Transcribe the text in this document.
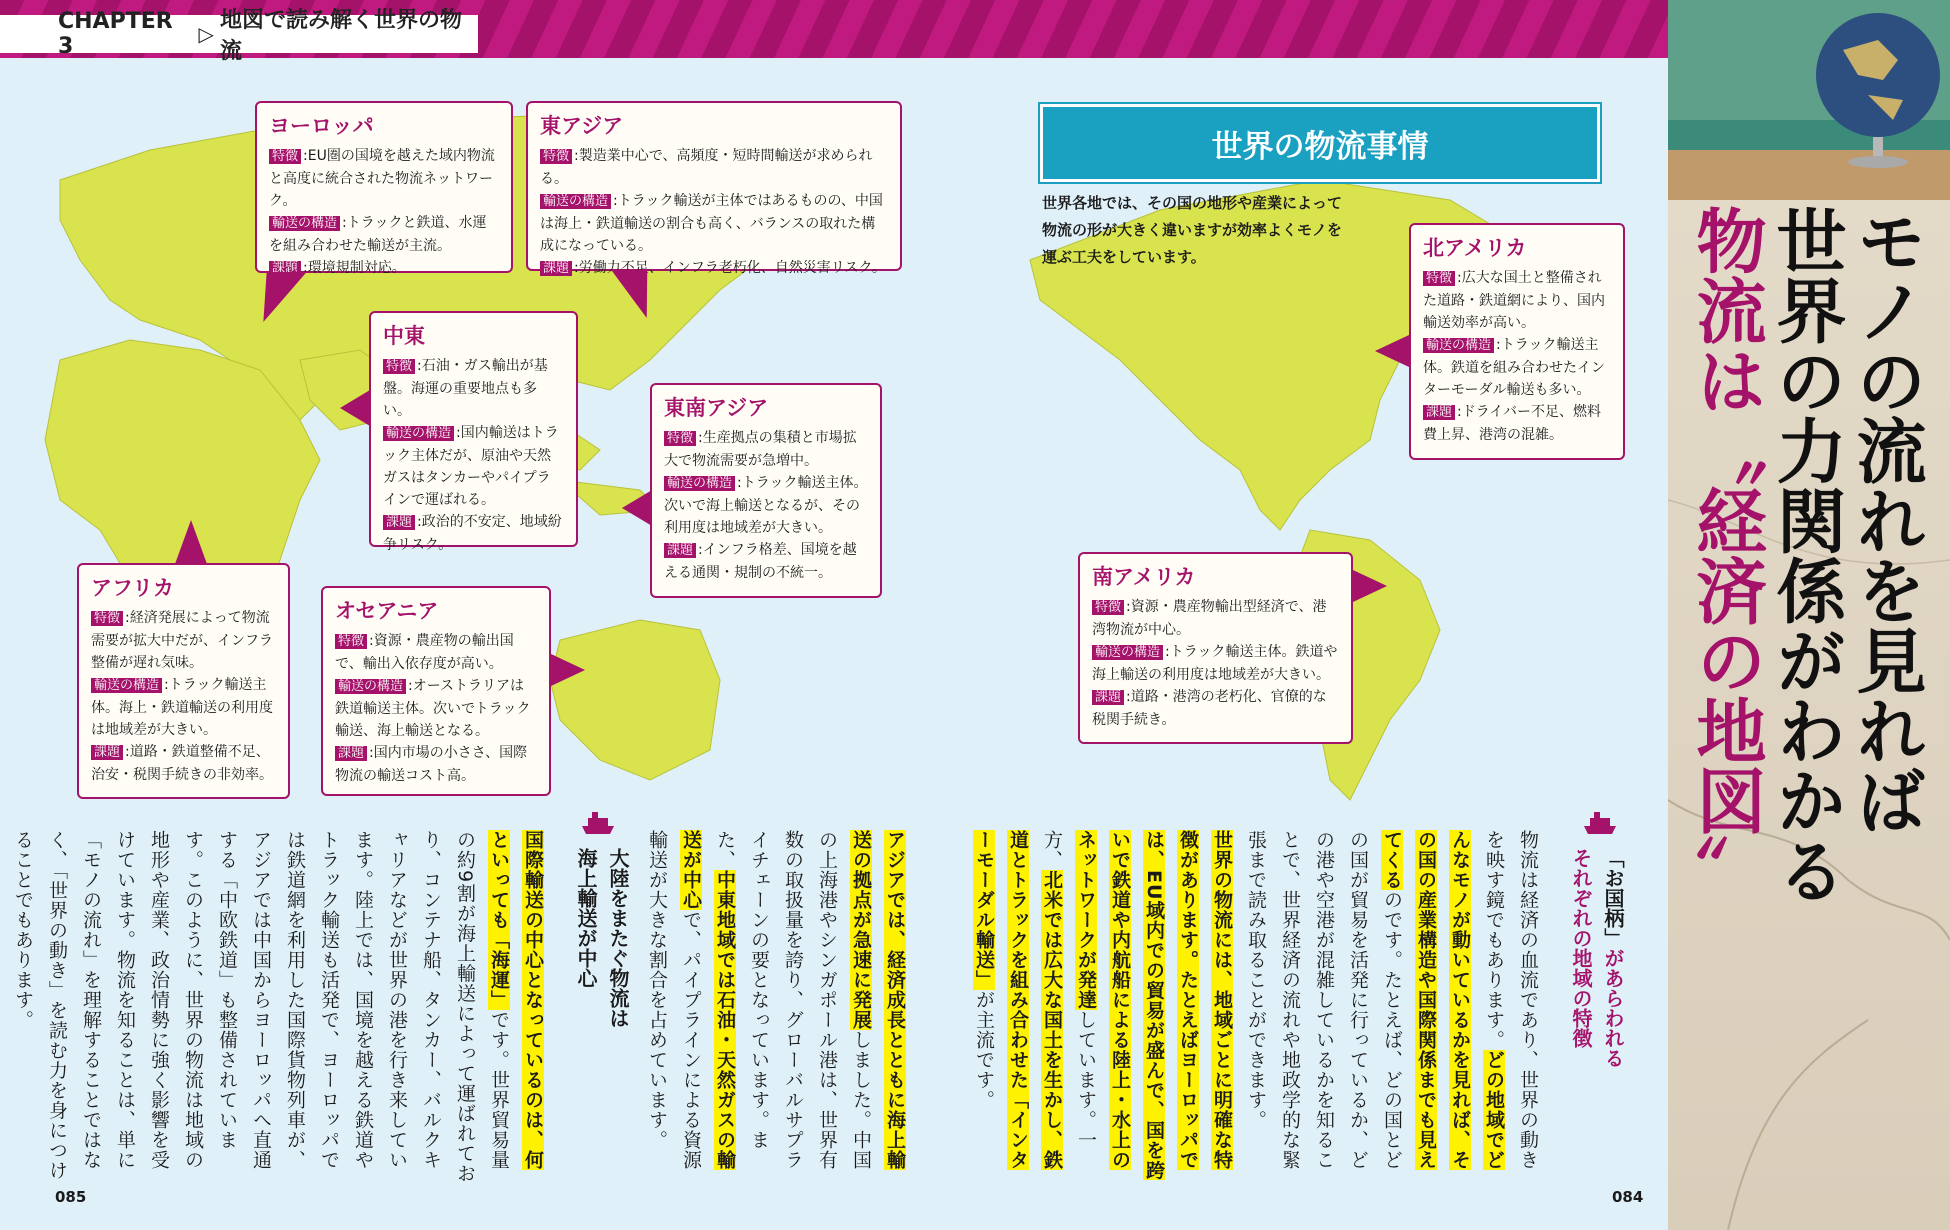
CHAPTER 3	▷
地図で読み解く世界の物流
ヨーロッパ
特徴 :EU圏の国境を越えた域内物流と高度に統合された物流ネットワーク。
輸送の構造 :トラックと鉄道、水運を組み合わせた輸送が主流。
課題 :環境規制対応。
東アジア
特徴 :製造業中心で、高頻度・短時間輸送が求められる。
輸送の構造 :トラック輸送が主体ではあるものの、中国は海上・鉄道輸送の割合も高く、バランスの取れた構成になっている。
課題 :労働力不足、インフラ老朽化、自然災害リスク。
中東
特徴 :石油・ガス輸出が基盤。海運の重要地点も多い。
輸送の構造 :国内輸送はトラック主体だが、原油や天然ガスはタンカーやパイプラインで運ばれる。
課題 :政治的不安定、地域紛争リスク。
東南アジア
特徴 :生産拠点の集積と市場拡大で物流需要が急増中。
輸送の構造 :トラック輸送主体。次いで海上輸送となるが、その利用度は地域差が大きい。
課題 :インフラ格差、国境を越える通関・規制の不統一。
アフリカ
特徴 :経済発展によって物流需要が拡大中だが、インフラ整備が遅れ気味。
輸送の構造 :トラック輸送主体。海上・鉄道輸送の利用度は地域差が大きい。
課題 :道路・鉄道整備不足、治安・税関手続きの非効率。
オセアニア
特徴 :資源・農産物の輸出国で、輸出入依存度が高い。
輸送の構造 :オーストラリアは鉄道輸送主体。次いでトラック輸送、海上輸送となる。
課題 :国内市場の小ささ、国際物流の輸送コスト高。
北アメリカ
特徴 :広大な国土と整備された道路・鉄道網により、国内輸送効率が高い。
輸送の構造 :トラック輸送主体。鉄道を組み合わせたインターモーダル輸送も多い。
課題 :ドライバー不足、燃料費上昇、港湾の混雑。
南アメリカ
特徴 :資源・農産物輸出型経済で、港湾物流が中心。
輸送の構造 :トラック輸送主体。鉄道や海上輸送の利用度は地域差が大きい。
課題 :道路・港湾の老朽化、官僚的な税関手続き。
世界の物流事情
世界各地では、その国の地形や産業によって物流の形が大きく違いますが効率よくモノを運ぶ工夫をしています。
「お国柄」があらわれる
それぞれの地域の特徴
物流は経済の血流であり、世界の動きを映す鏡でもあります。どの地域でどんなモノが動いているかを見れば、その国の産業構造や国際関係までも見えてくるのです。たとえば、どの国とどの国が貿易を活発に行っているか、どの港や空港が混雑しているかを知ることで、世界経済の流れや地政学的な緊張まで読み取ることができます。
世界の物流には、地域ごとに明確な特徴があります。たとえばヨーロッパでは、EU域内での貿易が盛んで、国を跨いで鉄道や内航船による陸上・水上のネットワークが発達しています。一方、北米では広大な国土を生かし、鉄道とトラックを組み合わせた「インターモーダル輸送」が主流です。
アジアでは、経済成長とともに海上輸送の拠点が急速に発展しました。中国の上海港やシンガポール港は、世界有数の取扱量を誇り、グローバルサプライチェーンの要となっています。また、中東地域では石油・天然ガスの輸送が中心で、パイプラインによる資源輸送が大きな割合を占めています。
大陸をまたぐ物流は
海上輸送が中心
国際輸送の中心となっているのは、何といっても「海運」です。世界貿易量の約9割が海上輸送によって運ばれており、コンテナ船、タンカー、バルクキャリアなどが世界の港を行き来しています。陸上では、国境を越える鉄道やトラック輸送も活発で、ヨーロッパでは鉄道網を利用した国際貨物列車が、アジアでは中国からヨーロッパへ直通する「中欧鉄道」も整備されています。このように、世界の物流は地域の地形や産業、政治情勢に強く影響を受けています。物流を知ることは、単に「モノの流れ」を理解することではなく、「世界の動き」を読む力を身につけることでもあります。
085	084
モノの流れを見れば
世界の力関係がわかる
物流は〝経済の地図〟
